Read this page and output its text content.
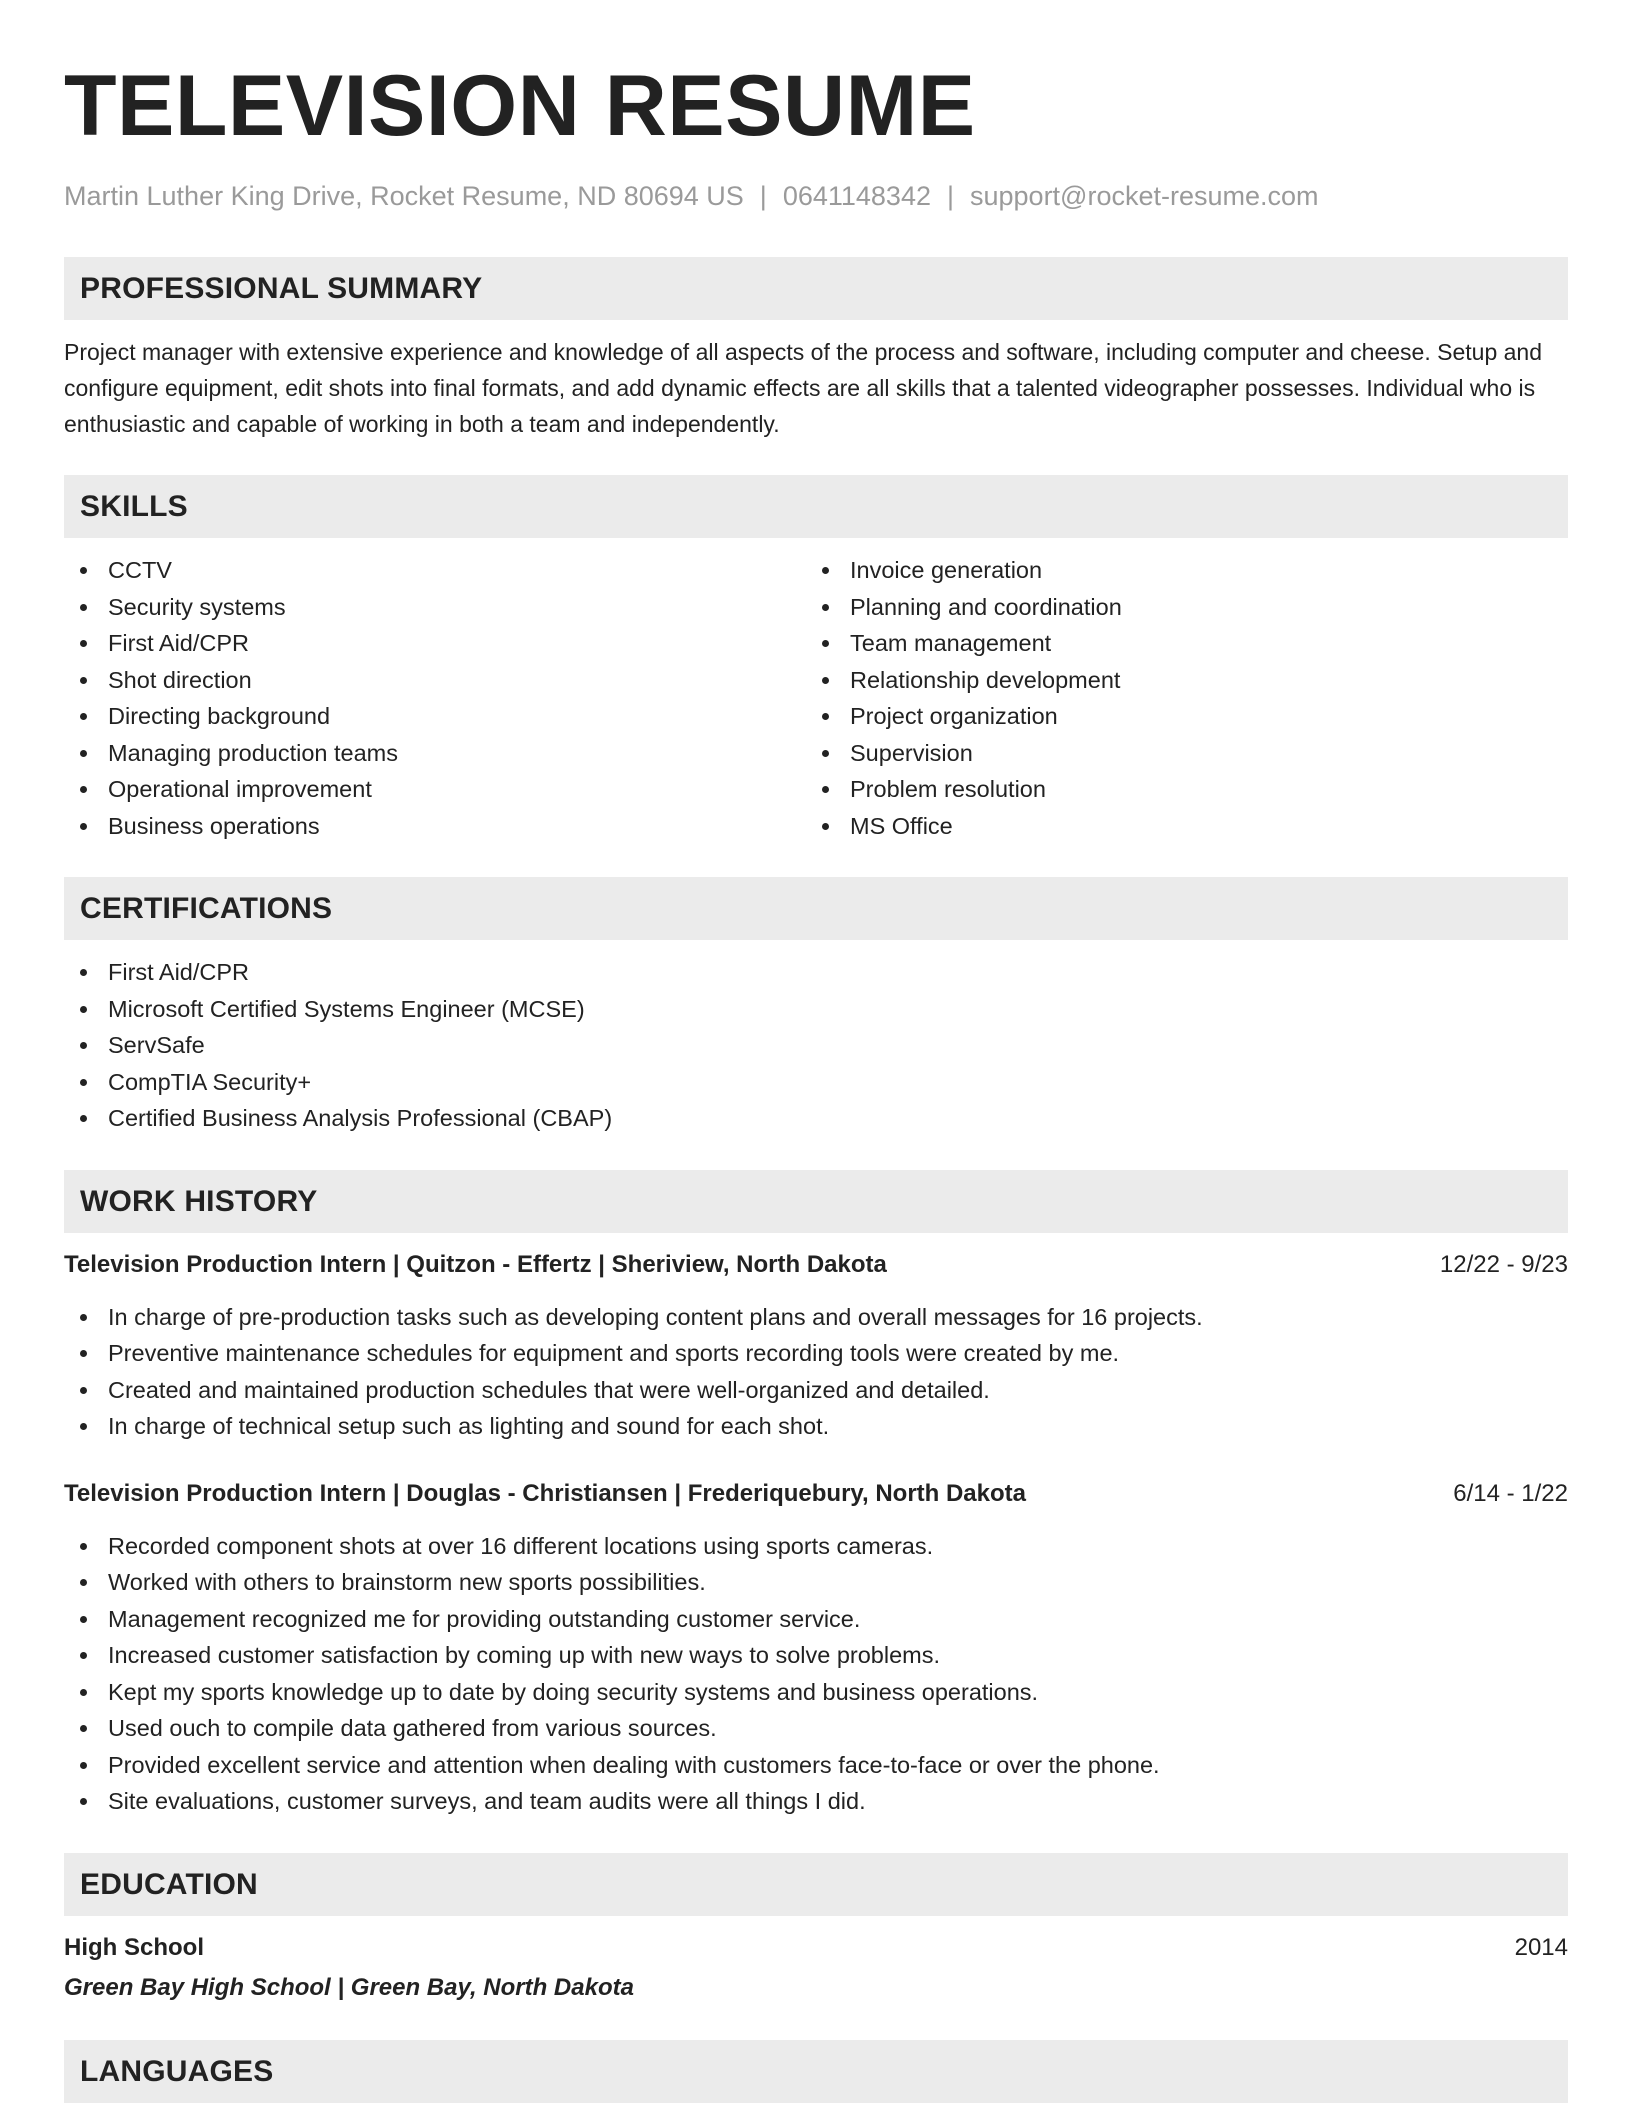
TELEVISION RESUME
Martin Luther King Drive, Rocket Resume, ND 80694 US | 0641148342 | support@rocket-resume.com
PROFESSIONAL SUMMARY

Project manager with extensive experience and knowledge of all aspects of the process and software, including computer and cheese. Setup and configure equipment, edit shots into final formats, and add dynamic effects are all skills that a talented videographer possesses. Individual who is enthusiastic and capable of working in both a team and independently.

SKILLS
CCTV
Security systems
First Aid/CPR
Shot direction
Directing background
Managing production teams
Operational improvement
Business operations
Invoice generation
Planning and coordination
Team management
Relationship development
Project organization
Supervision
Problem resolution
MS Office
CERTIFICATIONS
First Aid/CPR
Microsoft Certified Systems Engineer (MCSE)
ServSafe
CompTIA Security+
Certified Business Analysis Professional (CBAP)
WORK HISTORY
Television Production Intern | Quitzon - Effertz | Sheriview, North Dakota	12/22 - 9/23
In charge of pre-production tasks such as developing content plans and overall messages for 16 projects.
Preventive maintenance schedules for equipment and sports recording tools were created by me.
Created and maintained production schedules that were well-organized and detailed.
In charge of technical setup such as lighting and sound for each shot.
Television Production Intern | Douglas - Christiansen | Frederiquebury, North Dakota	6/14 - 1/22
Recorded component shots at over 16 different locations using sports cameras.
Worked with others to brainstorm new sports possibilities.
Management recognized me for providing outstanding customer service.
Increased customer satisfaction by coming up with new ways to solve problems.
Kept my sports knowledge up to date by doing security systems and business operations.
Used ouch to compile data gathered from various sources.
Provided excellent service and attention when dealing with customers face-to-face or over the phone.
Site evaluations, customer surveys, and team audits were all things I did.
EDUCATION
High School	2014
Green Bay High School | Green Bay, North Dakota
LANGUAGES
